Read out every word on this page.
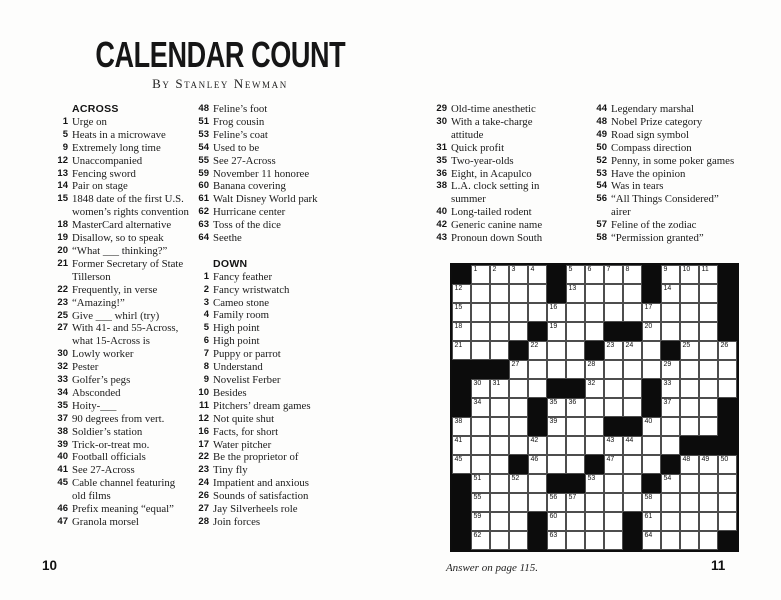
CALENDAR COUNT
By Stanley Newman
ACROSS
1 Urge on
5 Heats in a microwave
9 Extremely long time
12 Unaccompanied
13 Fencing sword
14 Pair on stage
15 1848 date of the first U.S.
women’s rights convention
18 MasterCard alternative
19 Disallow, so to speak
20 “What ___ thinking?”
21 Former Secretary of State
Tillerson
22 Frequently, in verse
23 “Amazing!”
25 Give ___ whirl (try)
27 With 41- and 55-Across,
what 15-Across is
30 Lowly worker
32 Pester
33 Golfer’s pegs
34 Absconded
35 Hoity-___
37 90 degrees from vert.
38 Soldier’s station
39 Trick-or-treat mo.
40 Football officials
41 See 27-Across
45 Cable channel featuring
old films
46 Prefix meaning “equal”
47 Granola morsel
48 Feline’s foot
51 Frog cousin
53 Feline’s coat
54 Used to be
55 See 27-Across
59 November 11 honoree
60 Banana covering
61 Walt Disney World park
62 Hurricane center
63 Toss of the dice
64 Seethe
DOWN
1 Fancy feather
2 Fancy wristwatch
3 Cameo stone
4 Family room
5 High point
6 High point
7 Puppy or parrot
8 Understand
9 Novelist Ferber
10 Besides
11 Pitchers’ dream games
12 Not quite shut
16 Facts, for short
17 Water pitcher
22 Be the proprietor of
23 Tiny fly
24 Impatient and anxious
26 Sounds of satisfaction
27 Jay Silverheels role
28 Join forces
29 Old-time anesthetic
30 With a take-charge
attitude
31 Quick profit
35 Two-year-olds
36 Eight, in Acapulco
38 L.A. clock setting in
summer
40 Long-tailed rodent
42 Generic canine name
43 Pronoun down South
44 Legendary marshal
48 Nobel Prize category
49 Road sign symbol
50 Compass direction
52 Penny, in some poker games
53 Have the opinion
54 Was in tears
56 “All Things Considered”
airer
57 Feline of the zodiac
58 “Permission granted”
1 2 3 4	5 6 7 8	9 10 11
12	13	14
15	16	17
18	19	20
21	22	23 24	25	26
27	28	29
30 31	32	33
34	35 36	37
38	39	40
41	42	43 44
45	46	47	48 49 50
51	52	53	54
55	56 57	58
59	60	61
62	63	64
10	11
Answer on page 115.
